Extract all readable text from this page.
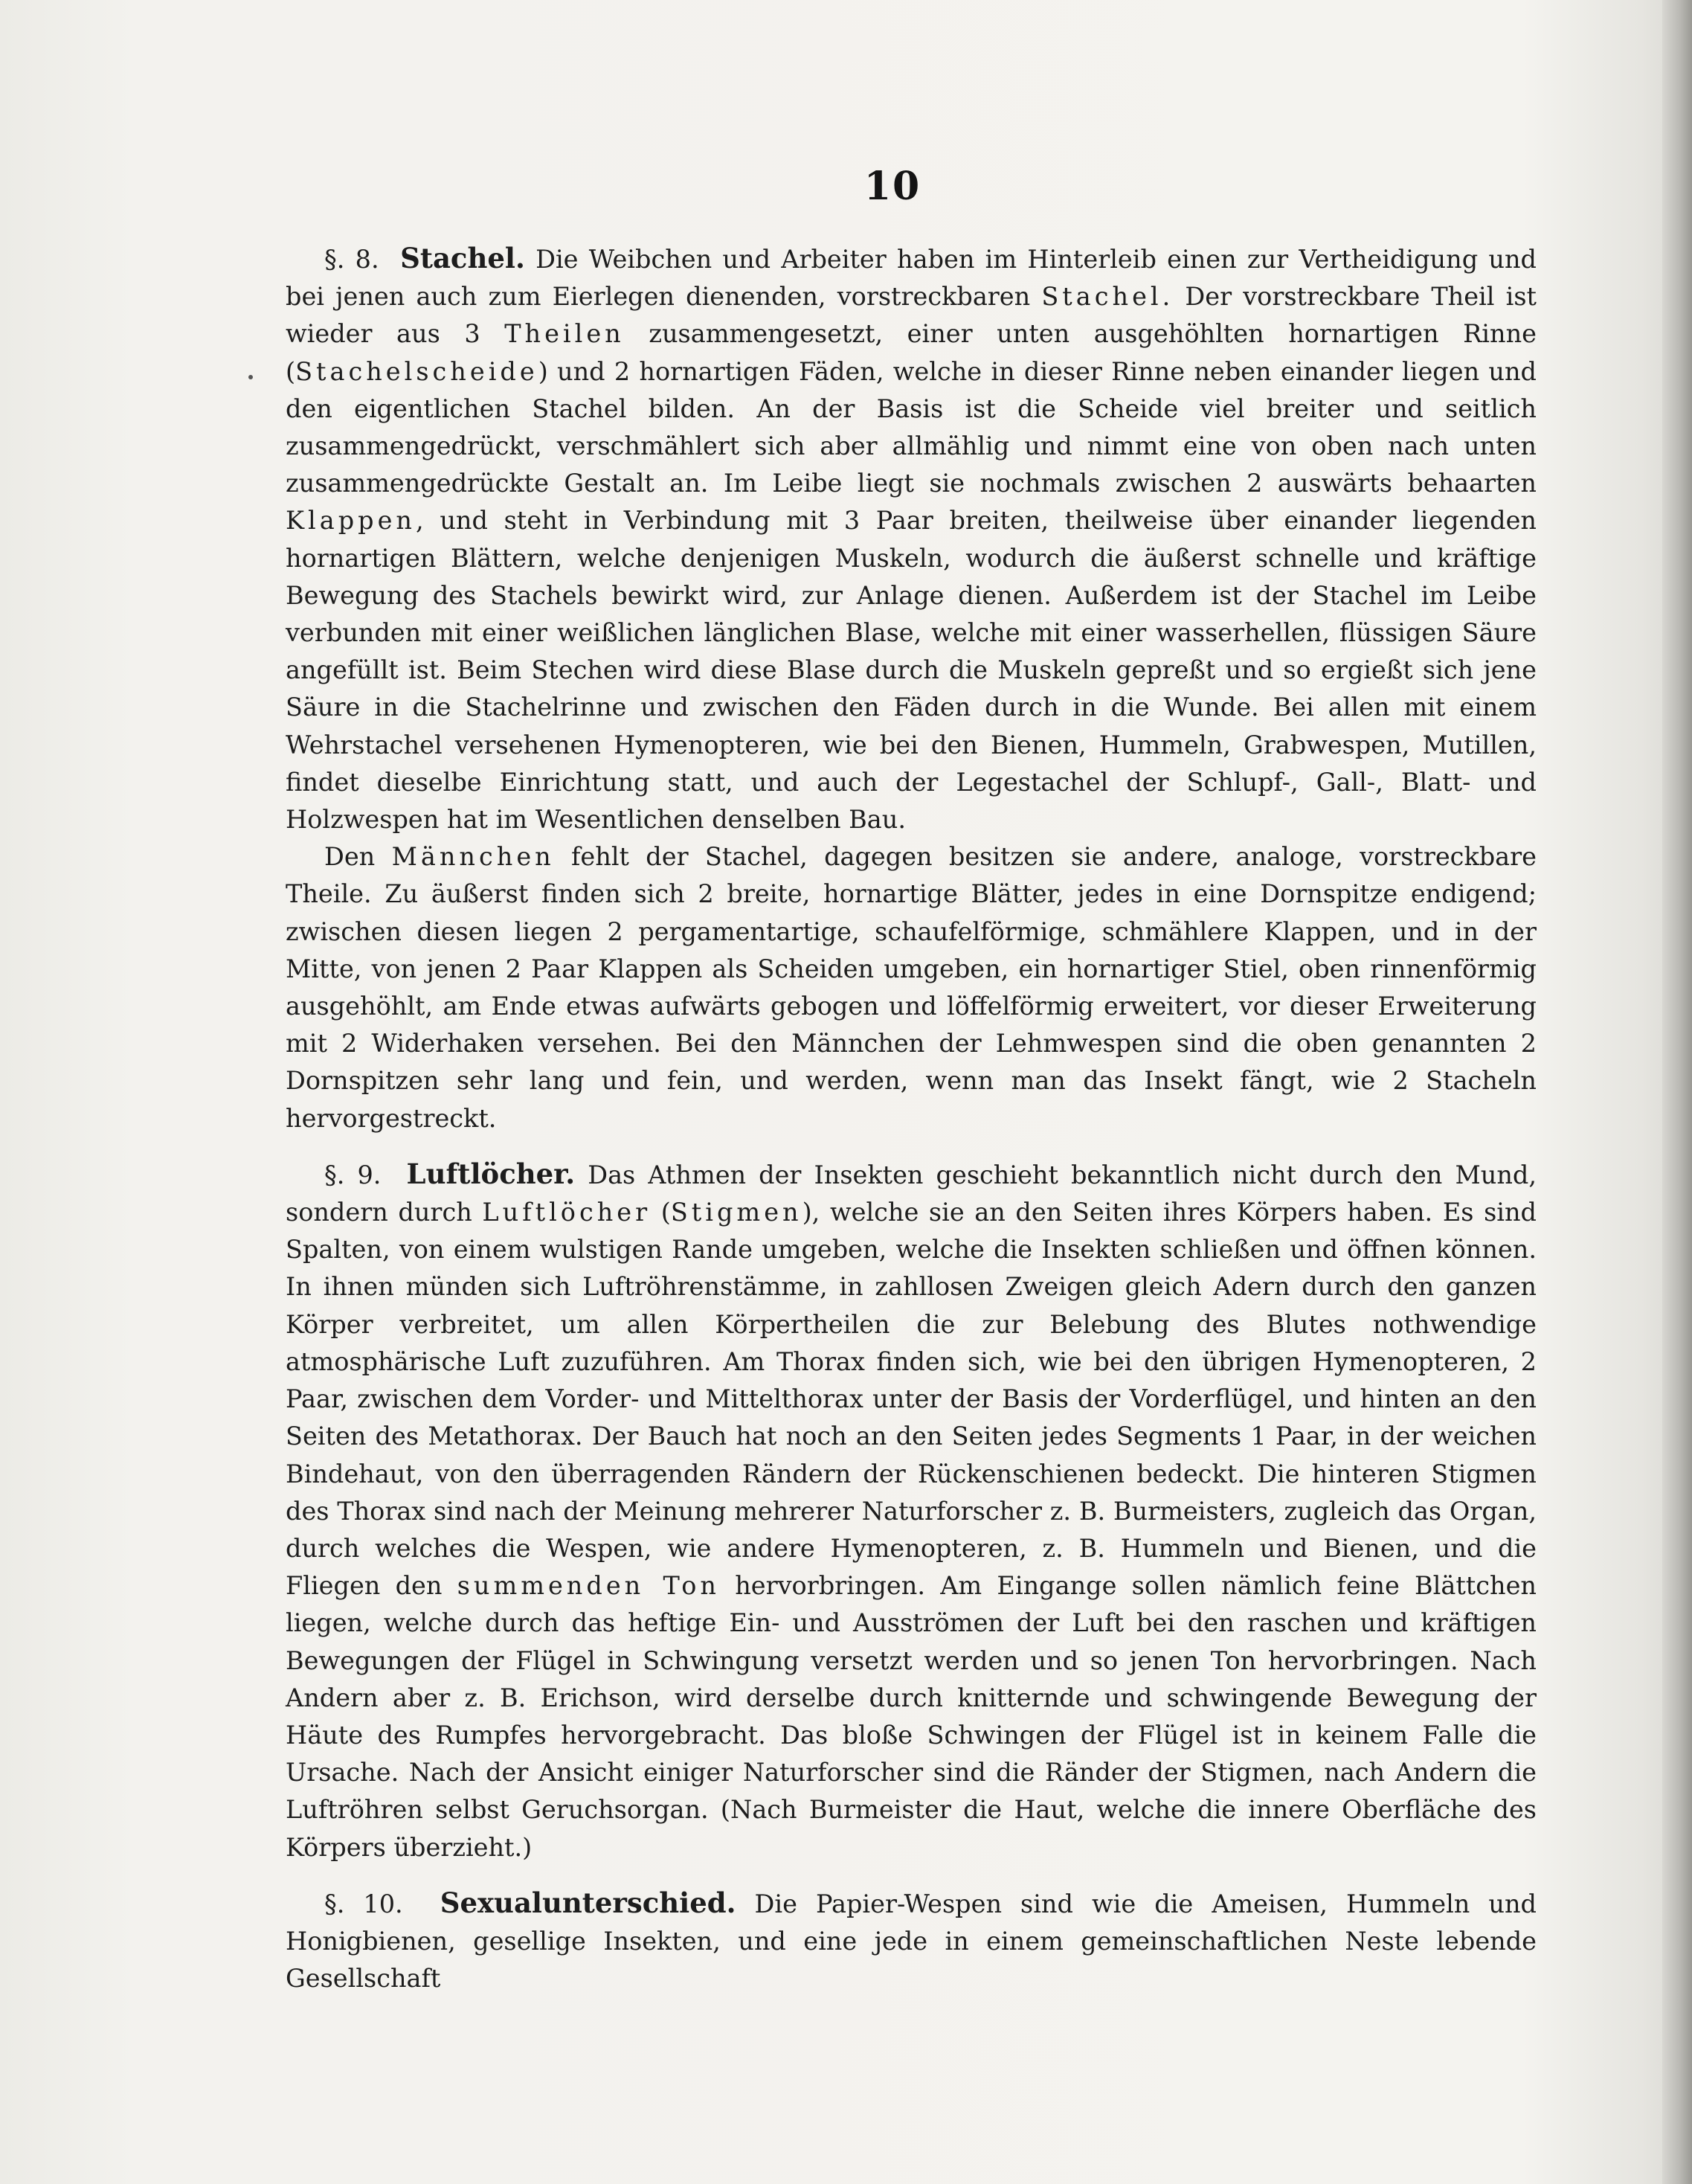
10

§. 8. Stachel. Die Weibchen und Arbeiter haben im Hinterleib einen zur Vertheidigung und bei jenen auch zum Eierlegen dienenden, vorstreckbaren Stachel. Der vorstreckbare Theil ist wieder aus 3 Theilen zusammengesetzt, einer unten ausgehöhlten hornartigen Rinne (Stachelscheide) und 2 hornartigen Fäden, welche in dieser Rinne neben einander liegen und den eigentlichen Stachel bilden. An der Basis ist die Scheide viel breiter und seitlich zusammengedrückt, verschmählert sich aber allmählig und nimmt eine von oben nach unten zusammengedrückte Gestalt an. Im Leibe liegt sie nochmals zwischen 2 auswärts behaarten Klappen, und steht in Verbindung mit 3 Paar breiten, theilweise über einander liegenden hornartigen Blättern, welche denjenigen Muskeln, wodurch die äußerst schnelle und kräftige Bewegung des Stachels bewirkt wird, zur Anlage dienen. Außerdem ist der Stachel im Leibe verbunden mit einer weißlichen länglichen Blase, welche mit einer wasserhellen, flüssigen Säure angefüllt ist. Beim Stechen wird diese Blase durch die Muskeln gepreßt und so ergießt sich jene Säure in die Stachelrinne und zwischen den Fäden durch in die Wunde. Bei allen mit einem Wehrstachel versehenen Hymenopteren, wie bei den Bienen, Hummeln, Grabwespen, Mutillen, findet dieselbe Einrichtung statt, und auch der Legestachel der Schlupf-, Gall-, Blatt- und Holzwespen hat im Wesentlichen denselben Bau.

Den Männchen fehlt der Stachel, dagegen besitzen sie andere, analoge, vorstreckbare Theile. Zu äußerst finden sich 2 breite, hornartige Blätter, jedes in eine Dornspitze endigend; zwischen diesen liegen 2 pergamentartige, schaufelförmige, schmählere Klappen, und in der Mitte, von jenen 2 Paar Klappen als Scheiden umgeben, ein hornartiger Stiel, oben rinnenförmig ausgehöhlt, am Ende etwas aufwärts gebogen und löffelförmig erweitert, vor dieser Erweiterung mit 2 Widerhaken versehen. Bei den Männchen der Lehmwespen sind die oben genannten 2 Dornspitzen sehr lang und fein, und werden, wenn man das Insekt fängt, wie 2 Stacheln hervorgestreckt.

§. 9. Luftlöcher. Das Athmen der Insekten geschieht bekanntlich nicht durch den Mund, sondern durch Luftlöcher (Stigmen), welche sie an den Seiten ihres Körpers haben. Es sind Spalten, von einem wulstigen Rande umgeben, welche die Insekten schließen und öffnen können. In ihnen münden sich Luftröhrenstämme, in zahllosen Zweigen gleich Adern durch den ganzen Körper verbreitet, um allen Körpertheilen die zur Belebung des Blutes nothwendige atmosphärische Luft zuzuführen. Am Thorax finden sich, wie bei den übrigen Hymenopteren, 2 Paar, zwischen dem Vorder- und Mittelthorax unter der Basis der Vorderflügel, und hinten an den Seiten des Metathorax. Der Bauch hat noch an den Seiten jedes Segments 1 Paar, in der weichen Bindehaut, von den überragenden Rändern der Rückenschienen bedeckt. Die hinteren Stigmen des Thorax sind nach der Meinung mehrerer Naturforscher z. B. Burmeisters, zugleich das Organ, durch welches die Wespen, wie andere Hymenopteren, z. B. Hummeln und Bienen, und die Fliegen den summenden Ton hervorbringen. Am Eingange sollen nämlich feine Blättchen liegen, welche durch das heftige Ein- und Ausströmen der Luft bei den raschen und kräftigen Bewegungen der Flügel in Schwingung versetzt werden und so jenen Ton hervorbringen. Nach Andern aber z. B. Erichson, wird derselbe durch knitternde und schwingende Bewegung der Häute des Rumpfes hervorgebracht. Das bloße Schwingen der Flügel ist in keinem Falle die Ursache. Nach der Ansicht einiger Naturforscher sind die Ränder der Stigmen, nach Andern die Luftröhren selbst Geruchsorgan. (Nach Burmeister die Haut, welche die innere Oberfläche des Körpers überzieht.)

§. 10. Sexualunterschied. Die Papier-Wespen sind wie die Ameisen, Hummeln und Honigbienen, gesellige Insekten, und eine jede in einem gemeinschaftlichen Neste lebende Gesellschaft
